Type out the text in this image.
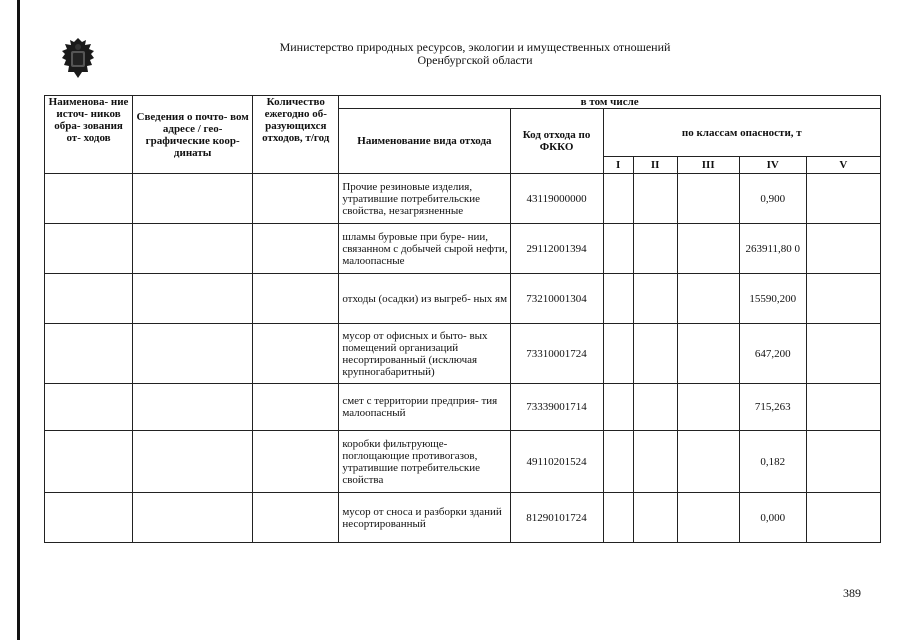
Министерство природных ресурсов, экологии и имущественных отношений
Оренбургской области
Наименова- ние источ- ников обра- зования от- ходов	Сведения о почто- вом адресе / гео- графические коор- динаты	Количество ежегодно об- разующихся отходов, т/год	в том числе						
			Наименование вида отхода	Код отхода по ФККО	по классам опасности, т				
					I	II	III	IV	V
			Прочие резиновые изделия, утратившие потребительские свойства, незагрязненные	43119000000				0,900	
			шламы буровые при буре- нии, связанном с добычей сырой нефти, малоопасные	29112001394				263911,80 0	
			отходы (осадки) из выгреб- ных ям	73210001304				15590,200	
			мусор от офисных и быто- вых помещений организаций несортированный (исключая крупногабаритный)	73310001724				647,200	
			смет с территории предприя- тия малоопасный	73339001714				715,263	
			коробки фильтрующе- поглощающие противогазов, утратившие потребительские свойства	49110201524				0,182	
			мусор от сноса и разборки зданий несортированный	81290101724				0,000	
389
